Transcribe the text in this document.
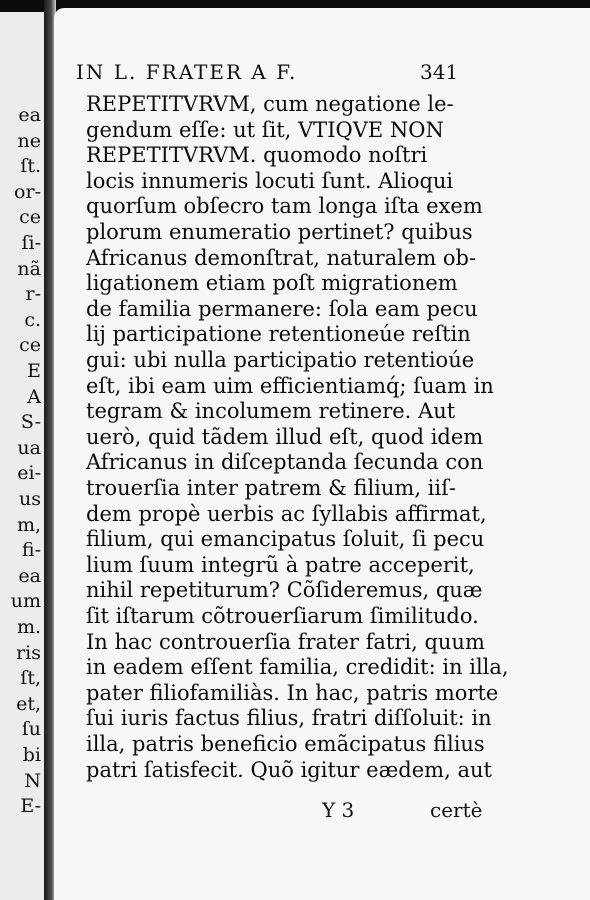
ea
ne
ſt.
or-
ce
ſi-
nã
r-
c.
ce
E
A
S-
ua
ei-
us
m,
fi-
ea
um
m.
ris
ſt,
et,
ſu
bi
N
E-
IN L. FRATER A F.	341
REPETITVRVM, cum negatione le-
gendum eſſe: ut ſit, VTIQVE NON
REPETITVRVM. quomodo noſtri
locis innumeris locuti ſunt. Alioqui
quorſum obſecro tam longa iſta exem
plorum enumeratio pertinet? quibus
Africanus demonſtrat, naturalem ob-
ligationem etiam poſt migrationem
de familia permanere: ſola eam pecu
lij participatione retentioneúe reſtin
gui: ubi nulla participatio retentioúe
eſt, ibi eam uim efficientiamq́; ſuam in
tegram & incolumem retinere. Aut
uerò, quid tãdem illud eſt, quod idem
Africanus in diſceptanda ſecunda con
trouerſia inter patrem & filium, iiſ-
dem propè uerbis ac ſyllabis affirmat,
filium, qui emancipatus ſoluit, ſi pecu
lium ſuum integrũ à patre acceperit,
nihil repetiturum? Cõſideremus, quæ
ſit iſtarum cõtrouerſiarum ſimilitudo.
In hac controuerſia frater fatri, quum
in eadem eſſent familia, credidit: in illa,
pater filiofamiliàs. In hac, patris morte
ſui iuris factus filius, fratri diſſoluit: in
illa, patris beneficio emãcipatus filius
patri ſatisfecit. Quõ igitur eædem, aut
Y 3	certè
